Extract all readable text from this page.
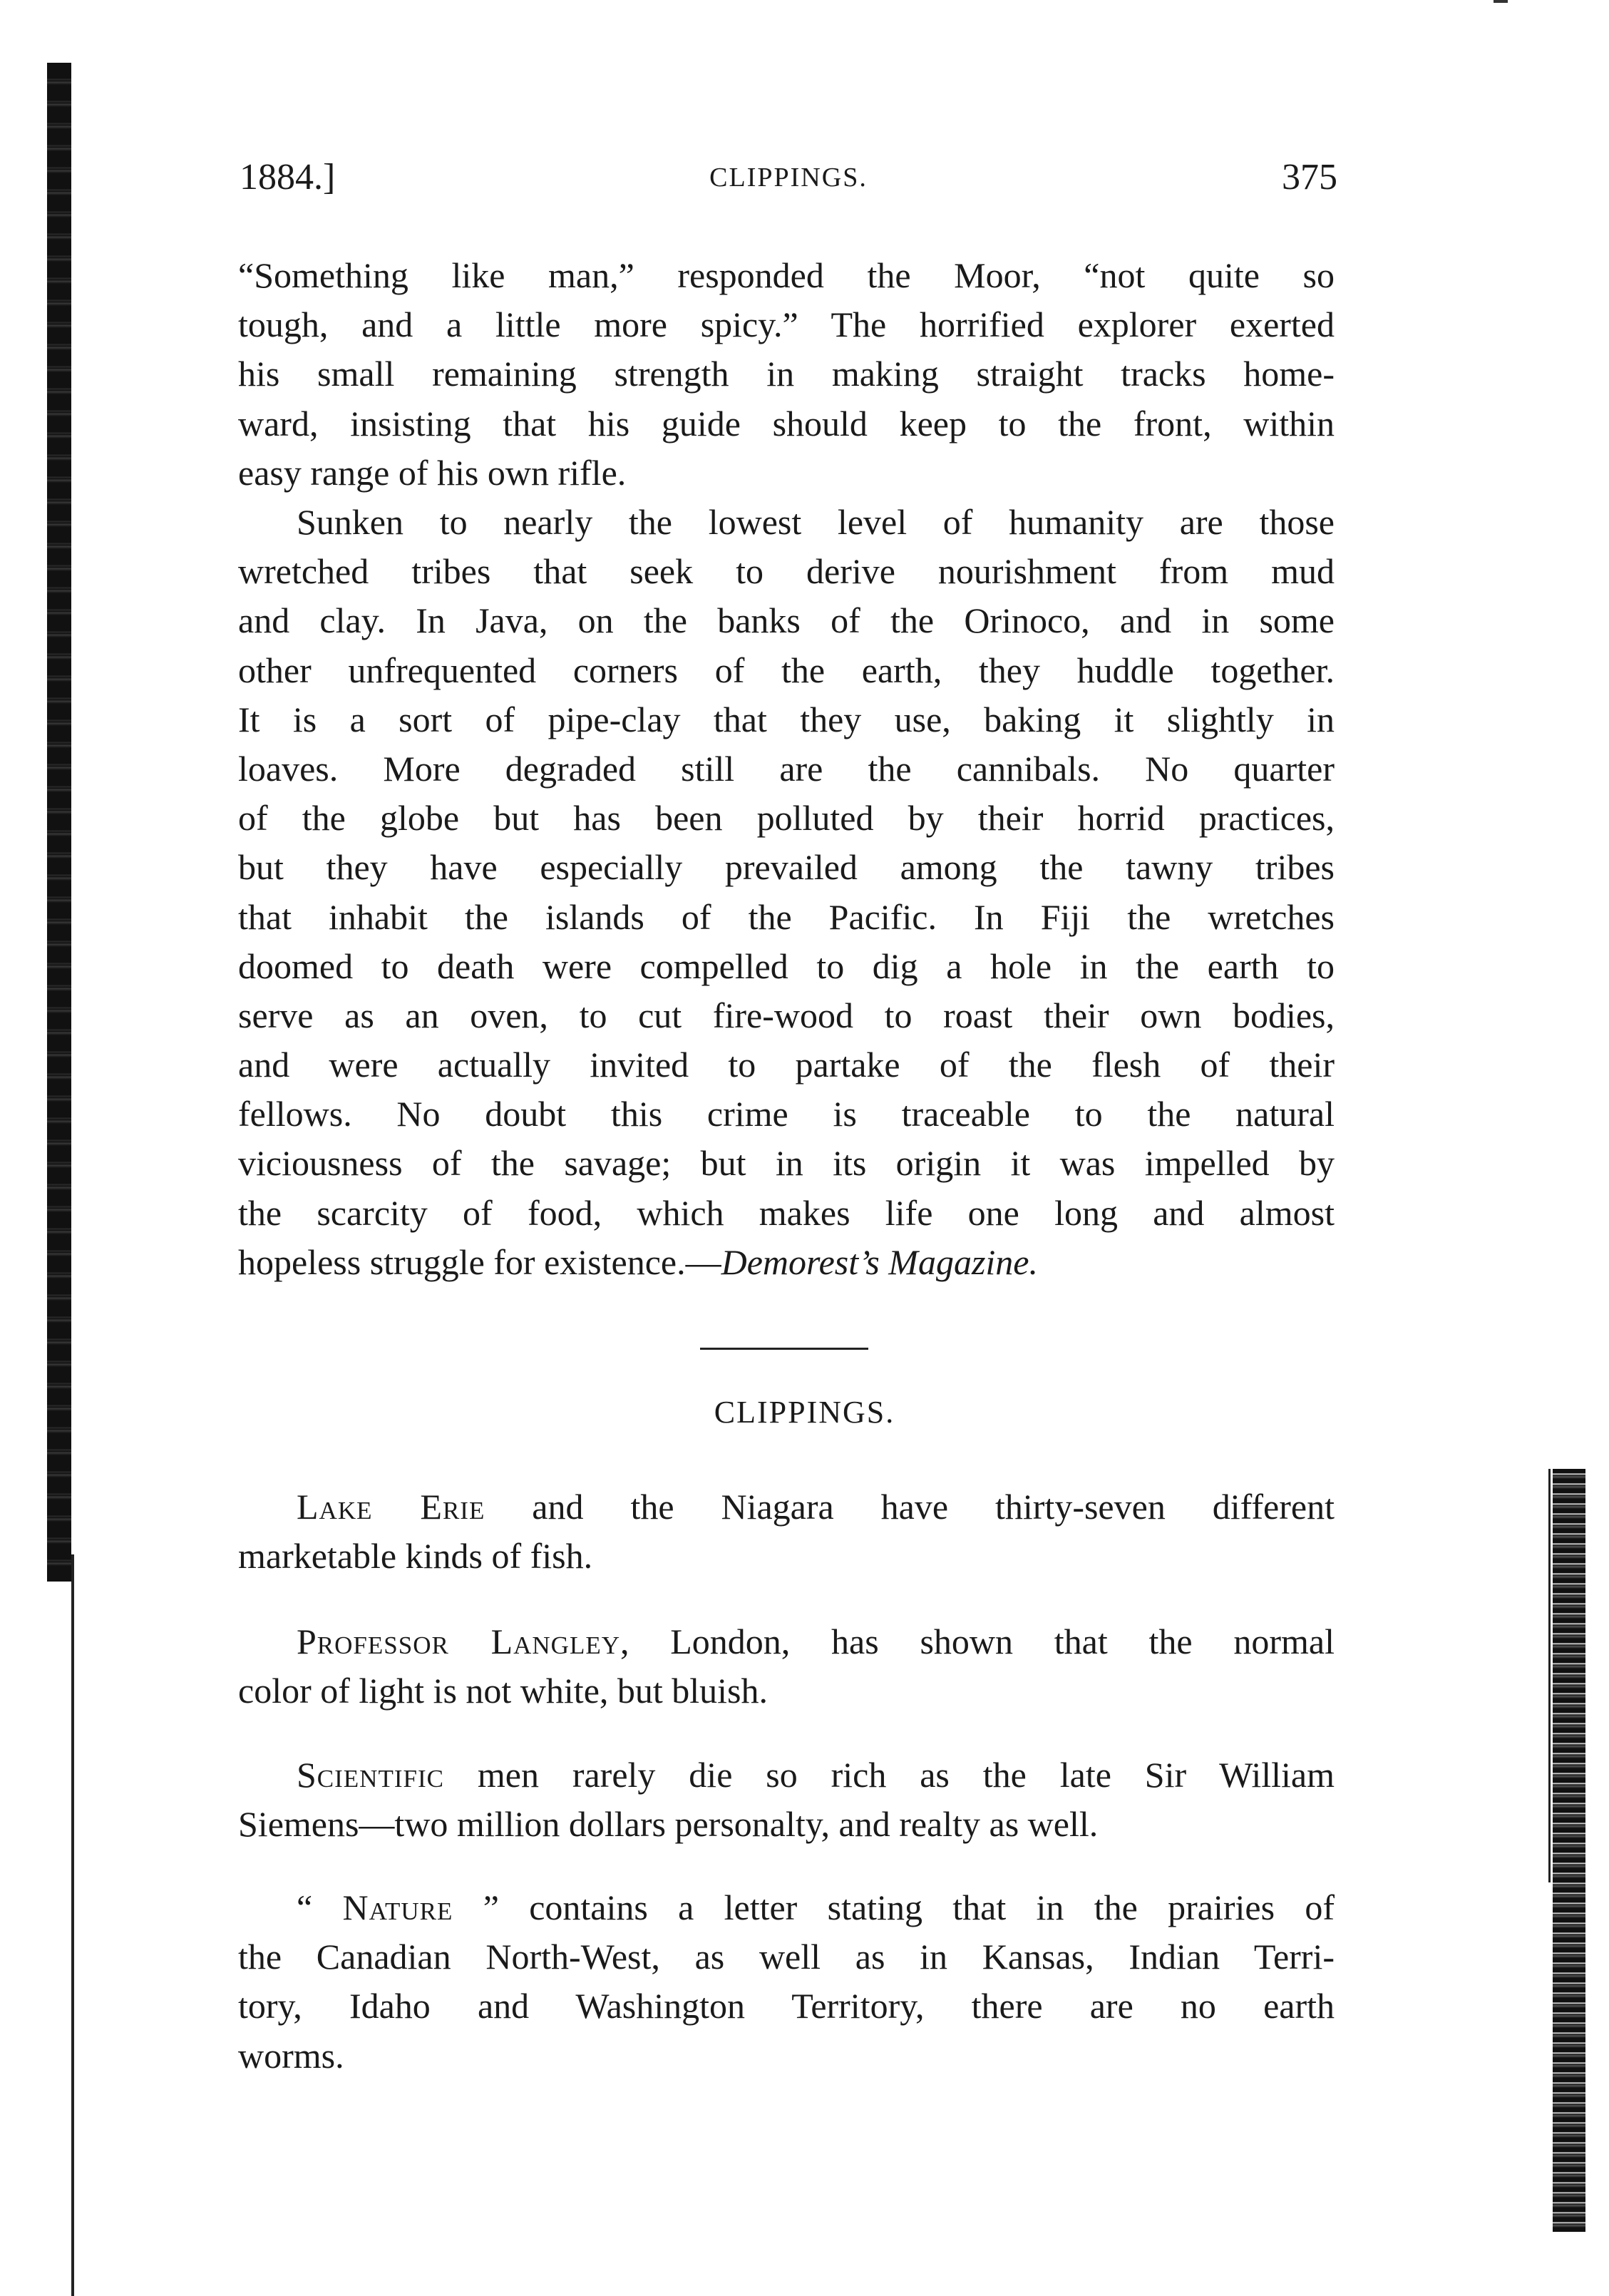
1884.]	CLIPPINGS.	375
“Something like man,” responded the Moor, “not quite so
tough, and a little more spicy.” The horrified explorer exerted
his small remaining strength in making straight tracks home-
ward, insisting that his guide should keep to the front, within
easy range of his own rifle.
Sunken to nearly the lowest level of humanity are those
wretched tribes that seek to derive nourishment from mud
and clay. In Java, on the banks of the Orinoco, and in some
other unfrequented corners of the earth, they huddle together.
It is a sort of pipe-clay that they use, baking it slightly in
loaves. More degraded still are the cannibals. No quarter
of the globe but has been polluted by their horrid practices,
but they have especially prevailed among the tawny tribes
that inhabit the islands of the Pacific. In Fiji the wretches
doomed to death were compelled to dig a hole in the earth to
serve as an oven, to cut fire-wood to roast their own bodies,
and were actually invited to partake of the flesh of their
fellows. No doubt this crime is traceable to the natural
viciousness of the savage; but in its origin it was impelled by
the scarcity of food, which makes life one long and almost
hopeless struggle for existence.—Demorest’s Magazine.
CLIPPINGS.
Lake Erie and the Niagara have thirty-seven different
marketable kinds of fish.
Professor Langley, London, has shown that the normal
color of light is not white, but bluish.
Scientific men rarely die so rich as the late Sir William
Siemens—two million dollars personalty, and realty as well.
“ Nature ” contains a letter stating that in the prairies of
the Canadian North-West, as well as in Kansas, Indian Terri-
tory, Idaho and Washington Territory, there are no earth
worms.
